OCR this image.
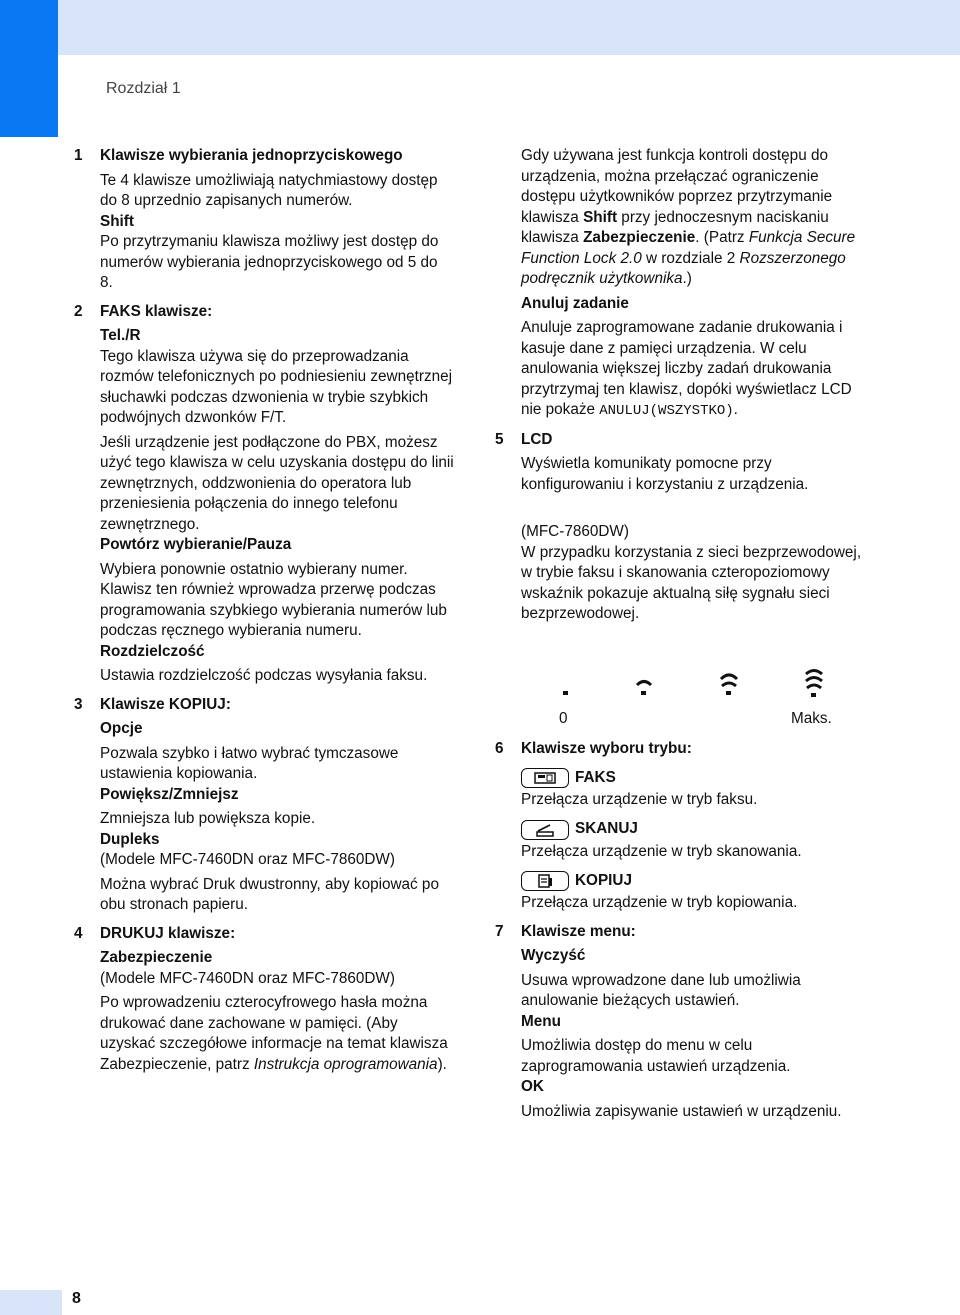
Rozdział 1
1 Klawisze wybierania jednoprzyciskowego

Te 4 klawisze umożliwiają natychmiastowy dostęp do 8 uprzednio zapisanych numerów.

Shift

Po przytrzymaniu klawisza możliwy jest dostęp do numerów wybierania jednoprzyciskowego od 5 do 8.

2 FAKS klawisze:
Tel./R

Tego klawisza używa się do przeprowadzania rozmów telefonicznych po podniesieniu zewnętrznej słuchawki podczas dzwonienia w trybie szybkich podwójnych dzwonków F/T.

Jeśli urządzenie jest podłączone do PBX, możesz użyć tego klawisza w celu uzyskania dostępu do linii zewnętrznych, oddzwonienia do operatora lub przeniesienia połączenia do innego telefonu zewnętrznego.

Powtórz wybieranie/Pauza

Wybiera ponownie ostatnio wybierany numer. Klawisz ten również wprowadza przerwę podczas programowania szybkiego wybierania numerów lub podczas ręcznego wybierania numeru.

Rozdzielczość

Ustawia rozdzielczość podczas wysyłania faksu.

3 Klawisze KOPIUJ:
Opcje

Pozwala szybko i łatwo wybrać tymczasowe ustawienia kopiowania.

Powiększ/Zmniejsz

Zmniejsza lub powiększa kopie.

Dupleks

(Modele MFC-7460DN oraz MFC-7860DW)

Można wybrać Druk dwustronny, aby kopiować po obu stronach papieru.

4 DRUKUJ klawisze:
Zabezpieczenie

(Modele MFC-7460DN oraz MFC-7860DW)

Po wprowadzeniu czterocyfrowego hasła można drukować dane zachowane w pamięci. (Aby uzyskać szczegółowe informacje na temat klawisza Zabezpieczenie, patrz Instrukcja oprogramowania).

Gdy używana jest funkcja kontroli dostępu do urządzenia, można przełączać ograniczenie dostępu użytkowników poprzez przytrzymanie klawisza Shift przy jednoczesnym naciskaniu klawisza Zabezpieczenie. (Patrz Funkcja Secure Function Lock 2.0 w rozdziale 2 Rozszerzonego podręcznik użytkownika.)

Anuluj zadanie

Anuluje zaprogramowane zadanie drukowania i kasuje dane z pamięci urządzenia. W celu anulowania większej liczby zadań drukowania przytrzymaj ten klawisz, dopóki wyświetlacz LCD nie pokaże ANULUJ(WSZYSTKO).

5 LCD

Wyświetla komunikaty pomocne przy konfigurowaniu i korzystaniu z urządzenia.

(MFC-7860DW)

W przypadku korzystania z sieci bezprzewodowej, w trybie faksu i skanowania czteropoziomowy wskaźnik pokazuje aktualną siłę sygnału sieci bezprzewodowej.

0	Maks.
6 Klawisze wyboru trybu:
FAKS

Przełącza urządzenie w tryb faksu.

SKANUJ

Przełącza urządzenie w tryb skanowania.

KOPIUJ

Przełącza urządzenie w tryb kopiowania.

7 Klawisze menu:
Wyczyść

Usuwa wprowadzone dane lub umożliwia anulowanie bieżących ustawień.

Menu

Umożliwia dostęp do menu w celu zaprogramowania ustawień urządzenia.

OK

Umożliwia zapisywanie ustawień w urządzeniu.

8
